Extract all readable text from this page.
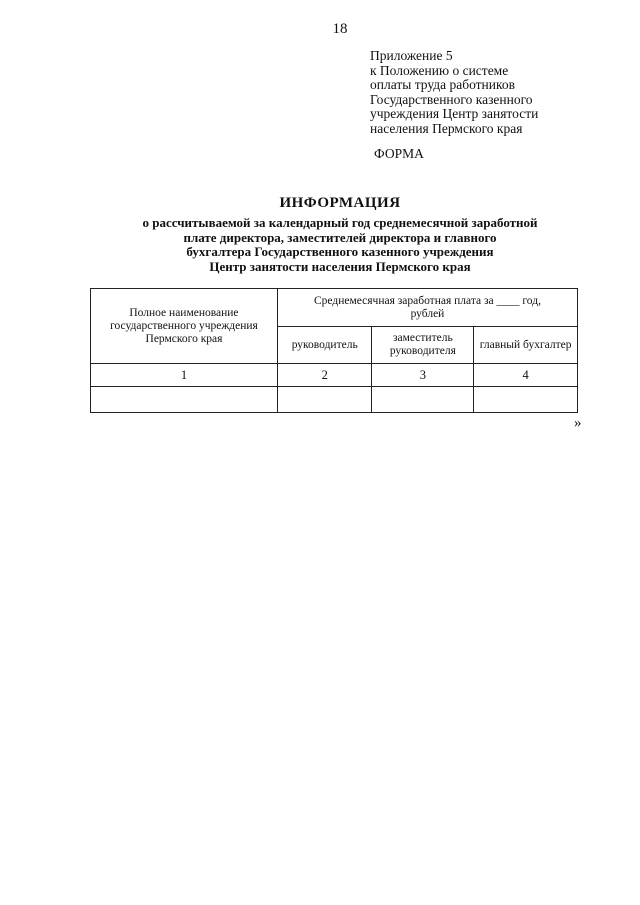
18
Приложение 5
к Положению о системе
оплаты труда работников
Государственного казенного
учреждения Центр занятости
населения Пермского края
ФОРМА
ИНФОРМАЦИЯ
о рассчитываемой за календарный год среднемесячной заработной
плате директора, заместителей директора и главного
бухгалтера Государственного казенного учреждения
Центр занятости населения Пермского края
Полное наименование государственного учреждения Пермского края	Среднемесячная заработная плата за ____ год,
рублей		
	руководитель	заместитель руководителя	главный бухгалтер
1	2	3	4

»
